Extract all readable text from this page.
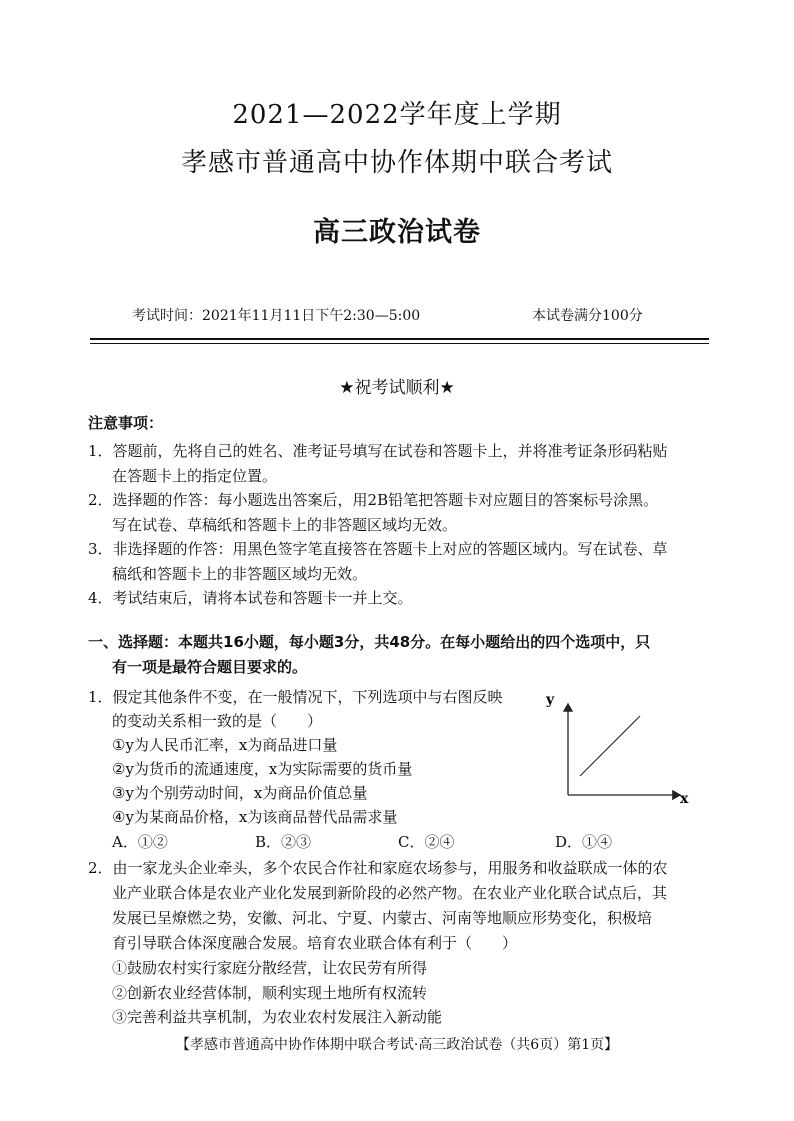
2021—2022学年度上学期
孝感市普通高中协作体期中联合考试
高三政治试卷
考试时间：2021年11月11日下午2:30—5:00	本试卷满分100分
★祝考试顺利★
注意事项：
1．答题前，先将自己的姓名、准考证号填写在试卷和答题卡上，并将准考证条形码粘贴
在答题卡上的指定位置。
2．选择题的作答：每小题选出答案后，用2B铅笔把答题卡对应题目的答案标号涂黑。
写在试卷、草稿纸和答题卡上的非答题区域均无效。
3．非选择题的作答：用黑色签字笔直接答在答题卡上对应的答题区域内。写在试卷、草
稿纸和答题卡上的非答题区域均无效。
4．考试结束后，请将本试卷和答题卡一并上交。
一、选择题：本题共16小题，每小题3分，共48分。在每小题给出的四个选项中，只
有一项是最符合题目要求的。
1．假定其他条件不变，在一般情况下，下列选项中与右图反映
的变动关系相一致的是（　　）
①y为人民币汇率，x为商品进口量
②y为货币的流通速度，x为实际需要的货币量
③y为个别劳动时间，x为商品价值总量
④y为某商品价格，x为该商品替代品需求量
A．①②	B．②③	C．②④	D．①④
y
x
2．由一家龙头企业牵头，多个农民合作社和家庭农场参与，用服务和收益联成一体的农
业产业联合体是农业产业化发展到新阶段的必然产物。在农业产业化联合试点后，其
发展已呈燎燃之势，安徽、河北、宁夏、内蒙古、河南等地顺应形势变化，积极培
育引导联合体深度融合发展。培育农业联合体有利于（　　）
①鼓励农村实行家庭分散经营，让农民劳有所得
②创新农业经营体制，顺利实现土地所有权流转
③完善利益共享机制，为农业农村发展注入新动能
【孝感市普通高中协作体期中联合考试·高三政治试卷（共6页）第1页】
